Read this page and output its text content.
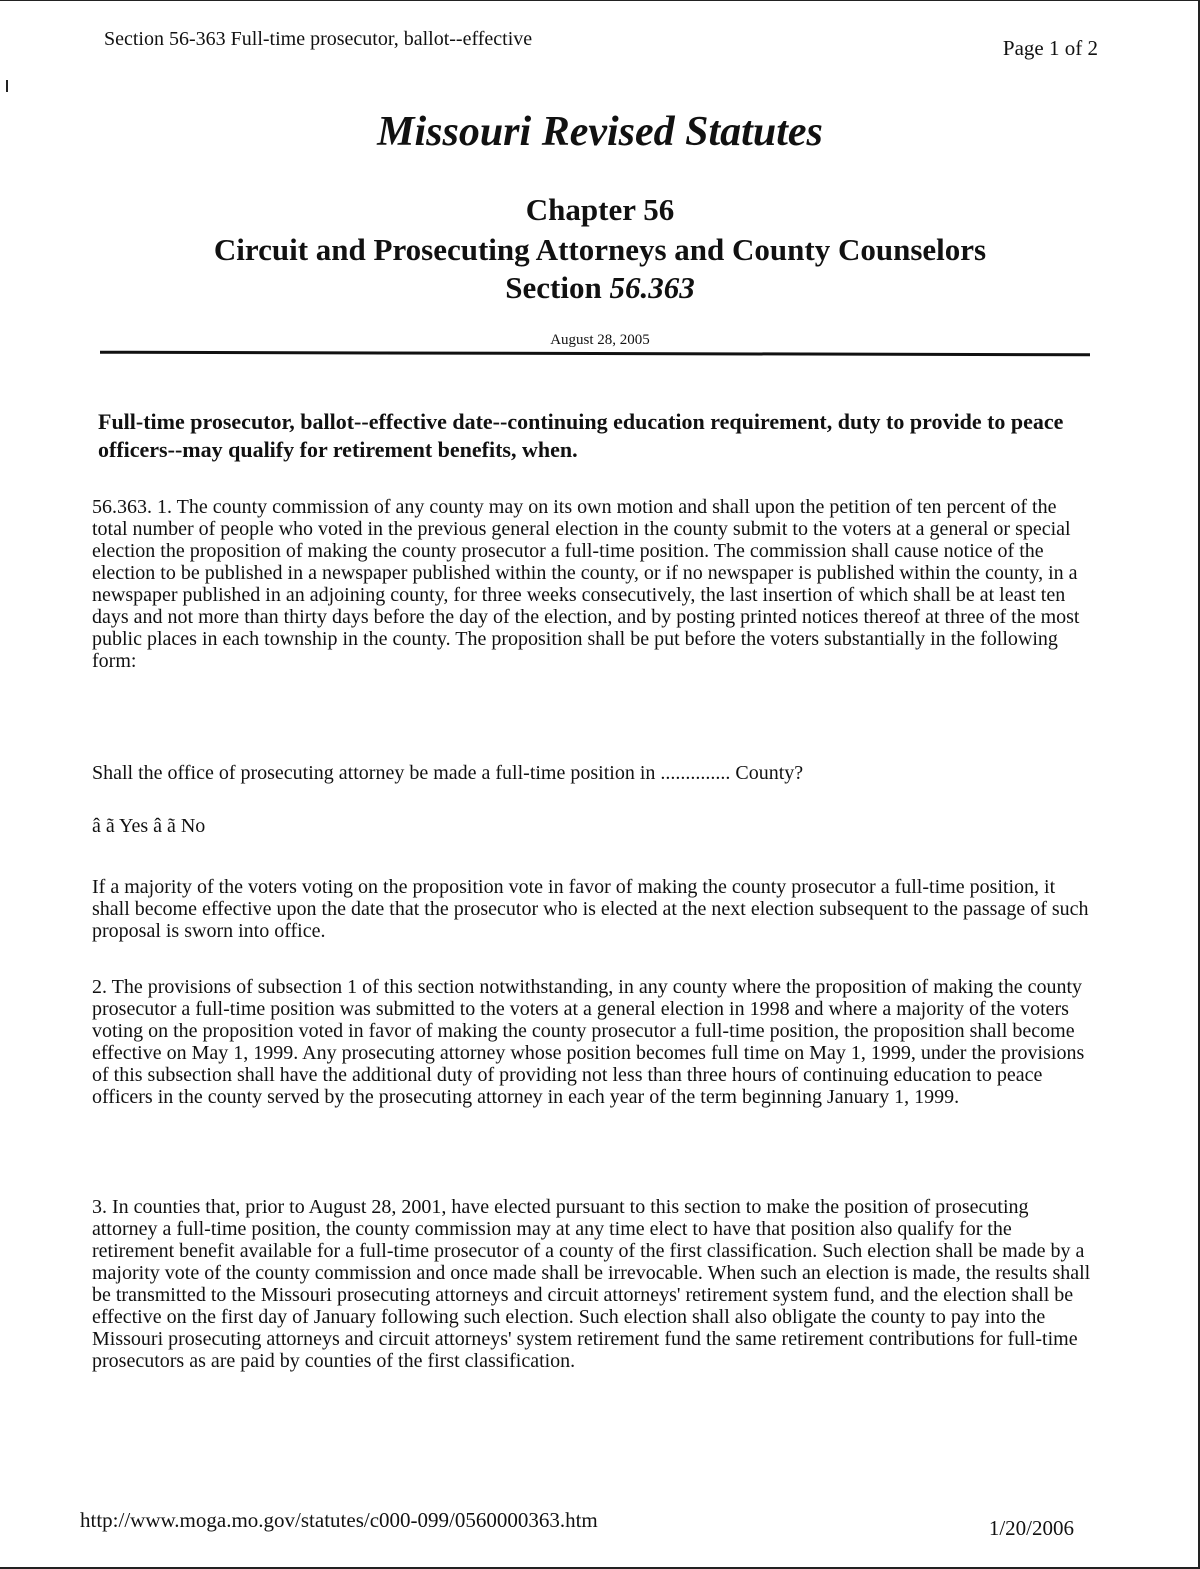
Section 56-363 Full-time prosecutor, ballot--effective	Page 1 of 2
Missouri Revised Statutes
Chapter 56
Circuit and Prosecuting Attorneys and County Counselors
Section 56.363
August 28, 2005
Full-time prosecutor, ballot--effective date--continuing education requirement, duty to provide to peace officers--may qualify for retirement benefits, when.
56.363. 1. The county commission of any county may on its own motion and shall upon the petition of ten percent of the total number of people who voted in the previous general election in the county submit to the voters at a general or special election the proposition of making the county prosecutor a full-time position. The commission shall cause notice of the election to be published in a newspaper published within the county, or if no newspaper is published within the county, in a newspaper published in an adjoining county, for three weeks consecutively, the last insertion of which shall be at least ten days and not more than thirty days before the day of the election, and by posting printed notices thereof at three of the most public places in each township in the county. The proposition shall be put before the voters substantially in the following form:
Shall the office of prosecuting attorney be made a full-time position in .............. County?
â ã Yes â ã No
If a majority of the voters voting on the proposition vote in favor of making the county prosecutor a full-time position, it shall become effective upon the date that the prosecutor who is elected at the next election subsequent to the passage of such proposal is sworn into office.
2. The provisions of subsection 1 of this section notwithstanding, in any county where the proposition of making the county prosecutor a full-time position was submitted to the voters at a general election in 1998 and where a majority of the voters voting on the proposition voted in favor of making the county prosecutor a full-time position, the proposition shall become effective on May 1, 1999. Any prosecuting attorney whose position becomes full time on May 1, 1999, under the provisions of this subsection shall have the additional duty of providing not less than three hours of continuing education to peace officers in the county served by the prosecuting attorney in each year of the term beginning January 1, 1999.
3. In counties that, prior to August 28, 2001, have elected pursuant to this section to make the position of prosecuting attorney a full-time position, the county commission may at any time elect to have that position also qualify for the retirement benefit available for a full-time prosecutor of a county of the first classification. Such election shall be made by a majority vote of the county commission and once made shall be irrevocable. When such an election is made, the results shall be transmitted to the Missouri prosecuting attorneys and circuit attorneys' retirement system fund, and the election shall be effective on the first day of January following such election. Such election shall also obligate the county to pay into the Missouri prosecuting attorneys and circuit attorneys' system retirement fund the same retirement contributions for full-time prosecutors as are paid by counties of the first classification.
http://www.moga.mo.gov/statutes/c000-099/0560000363.htm	1/20/2006
